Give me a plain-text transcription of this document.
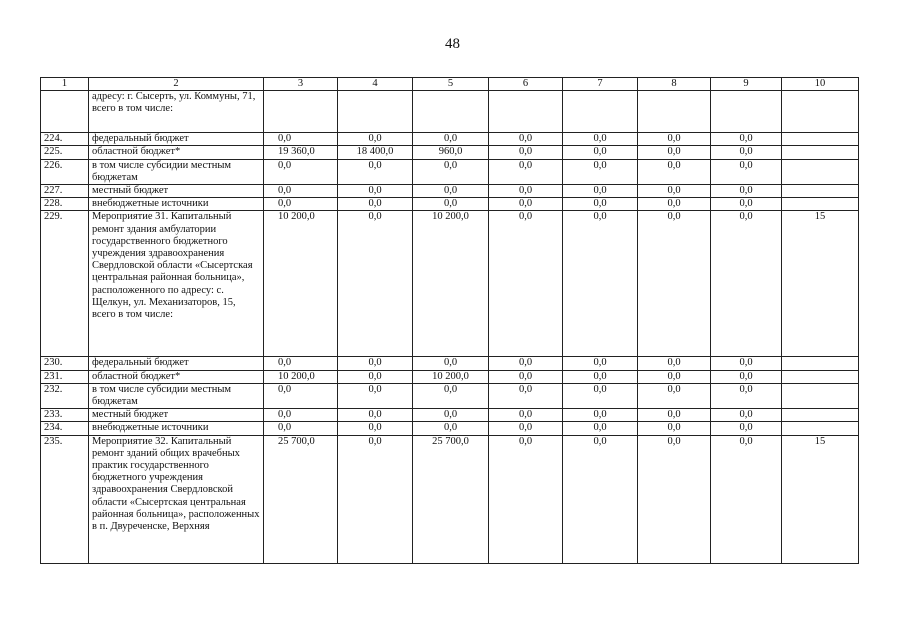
48
1	2	3	4	5	6	7	8	9	10
	адресу: г. Сысерть, ул. Коммуны, 71, всего в том числе:								
224.	федеральный бюджет	0,0	0,0	0,0	0,0	0,0	0,0	0,0	
225.	областной бюджет*	19 360,0	18 400,0	960,0	0,0	0,0	0,0	0,0	
226.	в том числе субсидии местным бюджетам	0,0	0,0	0,0	0,0	0,0	0,0	0,0	
227.	местный бюджет	0,0	0,0	0,0	0,0	0,0	0,0	0,0	
228.	внебюджетные источники	0,0	0,0	0,0	0,0	0,0	0,0	0,0	
229.	Мероприятие 31. Капитальный ремонт здания амбулатории государственного бюджетного учреждения здравоохранения Свердловской области «Сысертская центральная районная больница», расположенного по адресу: с. Щелкун, ул. Механизаторов, 15, всего в том числе:	10 200,0	0,0	10 200,0	0,0	0,0	0,0	0,0	15
230.	федеральный бюджет	0,0	0,0	0,0	0,0	0,0	0,0	0,0	
231.	областной бюджет*	10 200,0	0,0	10 200,0	0,0	0,0	0,0	0,0	
232.	в том числе субсидии местным бюджетам	0,0	0,0	0,0	0,0	0,0	0,0	0,0	
233.	местный бюджет	0,0	0,0	0,0	0,0	0,0	0,0	0,0	
234.	внебюджетные источники	0,0	0,0	0,0	0,0	0,0	0,0	0,0	
235.	Мероприятие 32. Капитальный ремонт зданий общих врачебных практик государственного бюджетного учреждения здравоохранения Свердловской области «Сысертская центральная районная больница», расположенных в п. Двуреченске, Верхняя	25 700,0	0,0	25 700,0	0,0	0,0	0,0	0,0	15
